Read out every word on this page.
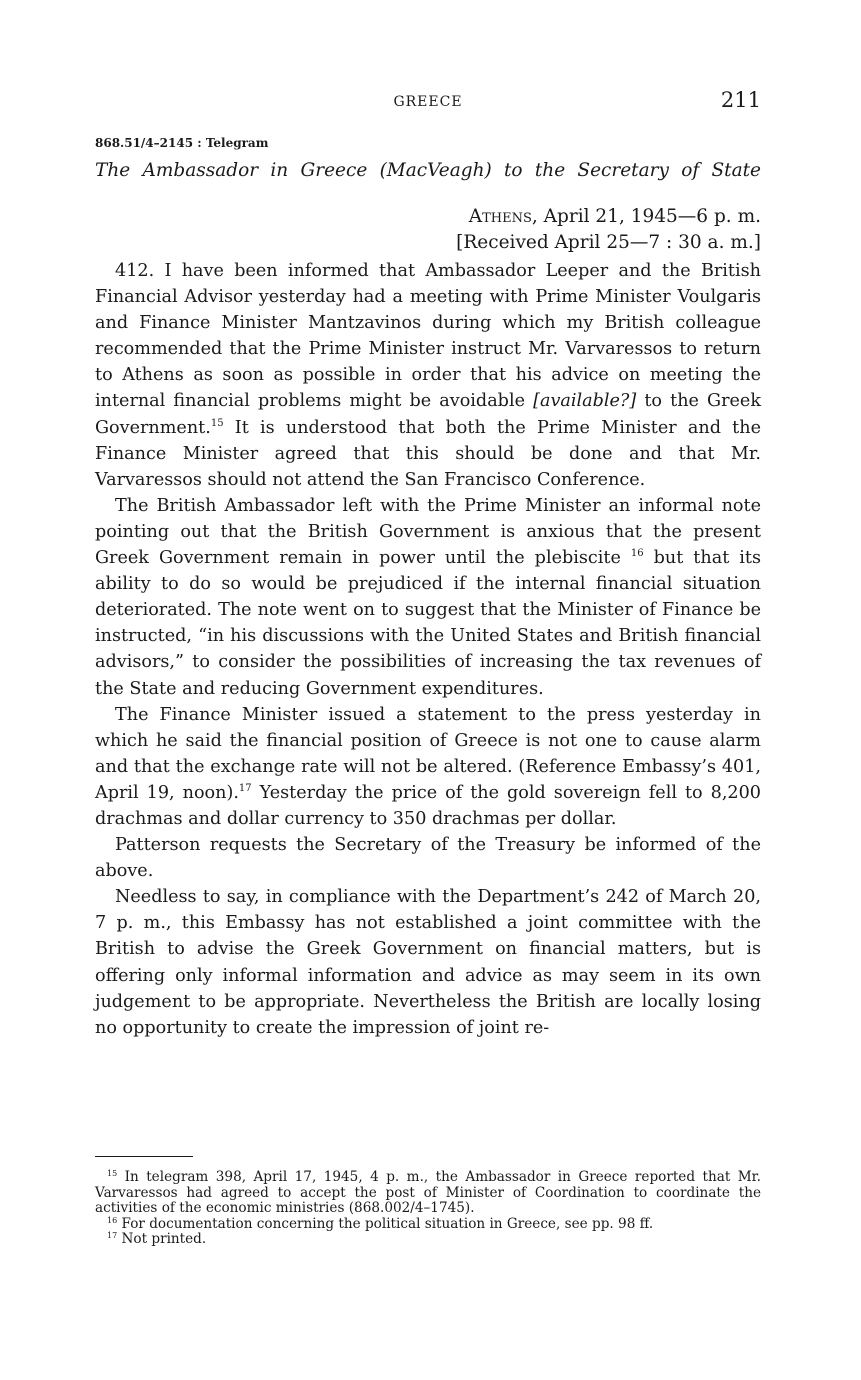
GREECE	211
868.51/4–2145 : Telegram
The Ambassador in Greece (MacVeagh) to the Secretary of State
Athens, April 21, 1945—6 p. m.
[Received April 25—7 : 30 a. m.]

412. I have been informed that Ambassador Leeper and the British Financial Advisor yesterday had a meeting with Prime Minister Voulgaris and Finance Minister Mantzavinos during which my British colleague recommended that the Prime Minister instruct Mr. Varvaressos to return to Athens as soon as possible in order that his advice on meeting the internal financial problems might be avoidable [available?] to the Greek Government.$^{15}$ It is understood that both the Prime Minister and the Finance Minister agreed that this should be done and that Mr. Varvaressos should not attend the San Francisco Conference.

The British Ambassador left with the Prime Minister an informal note pointing out that the British Government is anxious that the present Greek Government remain in power until the plebiscite $^{16}$ but that its ability to do so would be prejudiced if the internal financial situation deteriorated. The note went on to suggest that the Minister of Finance be instructed, “in his discussions with the United States and British financial advisors,” to consider the possibilities of increasing the tax revenues of the State and reducing Government expenditures.

The Finance Minister issued a statement to the press yesterday in which he said the financial position of Greece is not one to cause alarm and that the exchange rate will not be altered. (Reference Embassy’s 401, April 19, noon).$^{17}$ Yesterday the price of the gold sovereign fell to 8,200 drachmas and dollar currency to 350 drachmas per dollar.

Patterson requests the Secretary of the Treasury be informed of the above.

Needless to say, in compliance with the Department’s 242 of March 20, 7 p. m., this Embassy has not established a joint committee with the British to advise the Greek Government on financial matters, but is offering only informal information and advice as may seem in its own judgement to be appropriate. Nevertheless the British are locally losing no opportunity to create the impression of joint re-

$^{15}$ In telegram 398, April 17, 1945, 4 p. m., the Ambassador in Greece reported that Mr. Varvaressos had agreed to accept the post of Minister of Coordination to coordinate the activities of the economic ministries (868.002/4–1745).

$^{16}$ For documentation concerning the political situation in Greece, see pp. 98 ff.

$^{17}$ Not printed.
